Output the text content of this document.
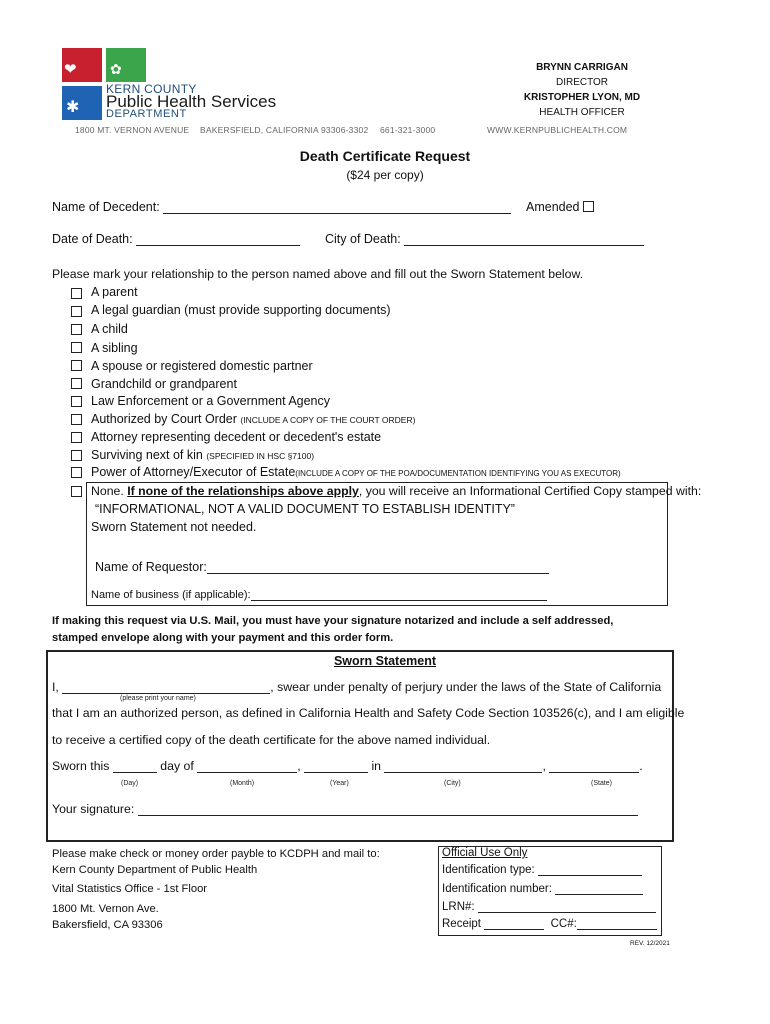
❤ ✿
✱
KERN COUNTY
Public Health Services
DEPARTMENT
BRYNN CARRIGAN
DIRECTOR
KRISTOPHER LYON, MD
HEALTH OFFICER
1800 MT. VERNON AVENUE BAKERSFIELD, CALIFORNIA 93306-3302 661-321-3000	WWW.KERNPUBLICHEALTH.COM
Death Certificate Request
($24 per copy)
Name of Decedent:	Amended
Date of Death:	City of Death:
Please mark your relationship to the person named above and fill out the Sworn Statement below.
A parent
A legal guardian (must provide supporting documents)
A child
A sibling
A spouse or registered domestic partner
Grandchild or grandparent
Law Enforcement or a Government Agency
Authorized by Court Order (INCLUDE A COPY OF THE COURT ORDER)
Attorney representing decedent or decedent's estate
Surviving next of kin (SPECIFIED IN HSC §7100)
Power of Attorney/Executor of Estate(INCLUDE A COPY OF THE POA/DOCUMENTATION IDENTIFYING YOU AS EXECUTOR)
None. If none of the relationships above apply, you will receive an Informational Certified Copy stamped with:
“INFORMATIONAL, NOT A VALID DOCUMENT TO ESTABLISH IDENTITY”
Sworn Statement not needed.
Name of Requestor:
Name of business (if applicable):
If making this request via U.S. Mail, you must have your signature notarized and include a self addressed,
stamped envelope along with your payment and this order form.
Sworn Statement
I,	, swear under penalty of perjury under the laws of the State of California
(please print your name)
that I am an authorized person, as defined in California Health and Safety Code Section 103526(c), and I am eligible
to receive a certified copy of the death certificate for the above named individual.
Sworn this	day of	,	in	,	.
(Day)	(Month)	(Year)	(City)	(State)
Your signature:
Please make check or money order payble to KCDPH and mail to:
Kern County Department of Public Health
Vital Statistics Office - 1st Floor
1800 Mt. Vernon Ave.
Bakersfield, CA 93306
Official Use Only
Identification type:
Identification number:
LRN#:
Receipt	CC#:
REV. 12/2021
